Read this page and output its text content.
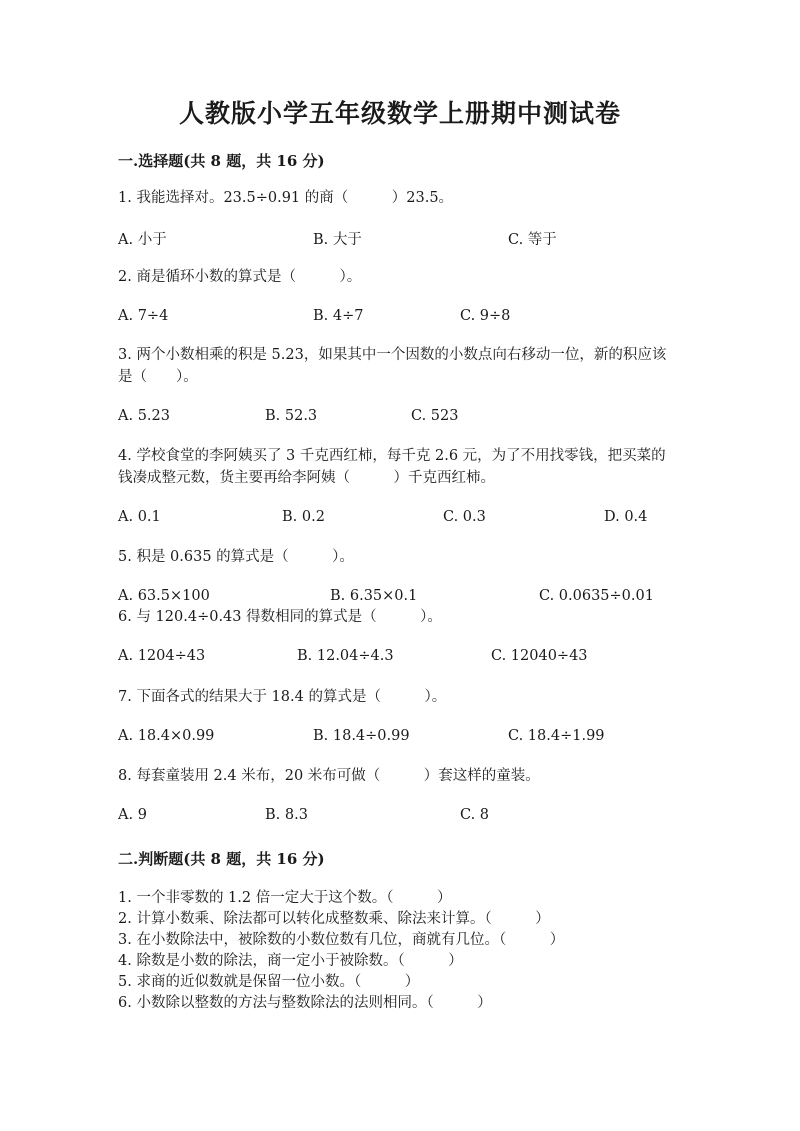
人教版小学五年级数学上册期中测试卷
一.选择题(共 8 题，共 16 分)
1. 我能选择对。23.5÷0.91 的商（　　　）23.5。
A. 小于	B. 大于	C. 等于
2. 商是循环小数的算式是（　　　）。
A. 7÷4	B. 4÷7	C. 9÷8
3. 两个小数相乘的积是 5.23，如果其中一个因数的小数点向右移动一位，新的积应该是（　　）。
A. 5.23	B. 52.3	C. 523
4. 学校食堂的李阿姨买了 3 千克西红柿，每千克 2.6 元，为了不用找零钱，把买菜的钱凑成整元数，货主要再给李阿姨（　　　）千克西红柿。
A. 0.1	B. 0.2	C. 0.3	D. 0.4
5. 积是 0.635 的算式是（　　　）。
A. 63.5×100	B. 6.35×0.1	C. 0.0635÷0.01
6. 与 120.4÷0.43 得数相同的算式是（　　　）。
A. 1204÷43	B. 12.04÷4.3	C. 12040÷43
7. 下面各式的结果大于 18.4 的算式是（　　　）。
A. 18.4×0.99	B. 18.4÷0.99	C. 18.4÷1.99
8. 每套童装用 2.4 米布，20 米布可做（　　　）套这样的童装。
A. 9	B. 8.3	C. 8
二.判断题(共 8 题，共 16 分)
1. 一个非零数的 1.2 倍一定大于这个数。（　　　）
2. 计算小数乘、除法都可以转化成整数乘、除法来计算。（　　　）
3. 在小数除法中，被除数的小数位数有几位，商就有几位。（　　　）
4. 除数是小数的除法，商一定小于被除数。（　　　）
5. 求商的近似数就是保留一位小数。（　　　）
6. 小数除以整数的方法与整数除法的法则相同。（　　　）
